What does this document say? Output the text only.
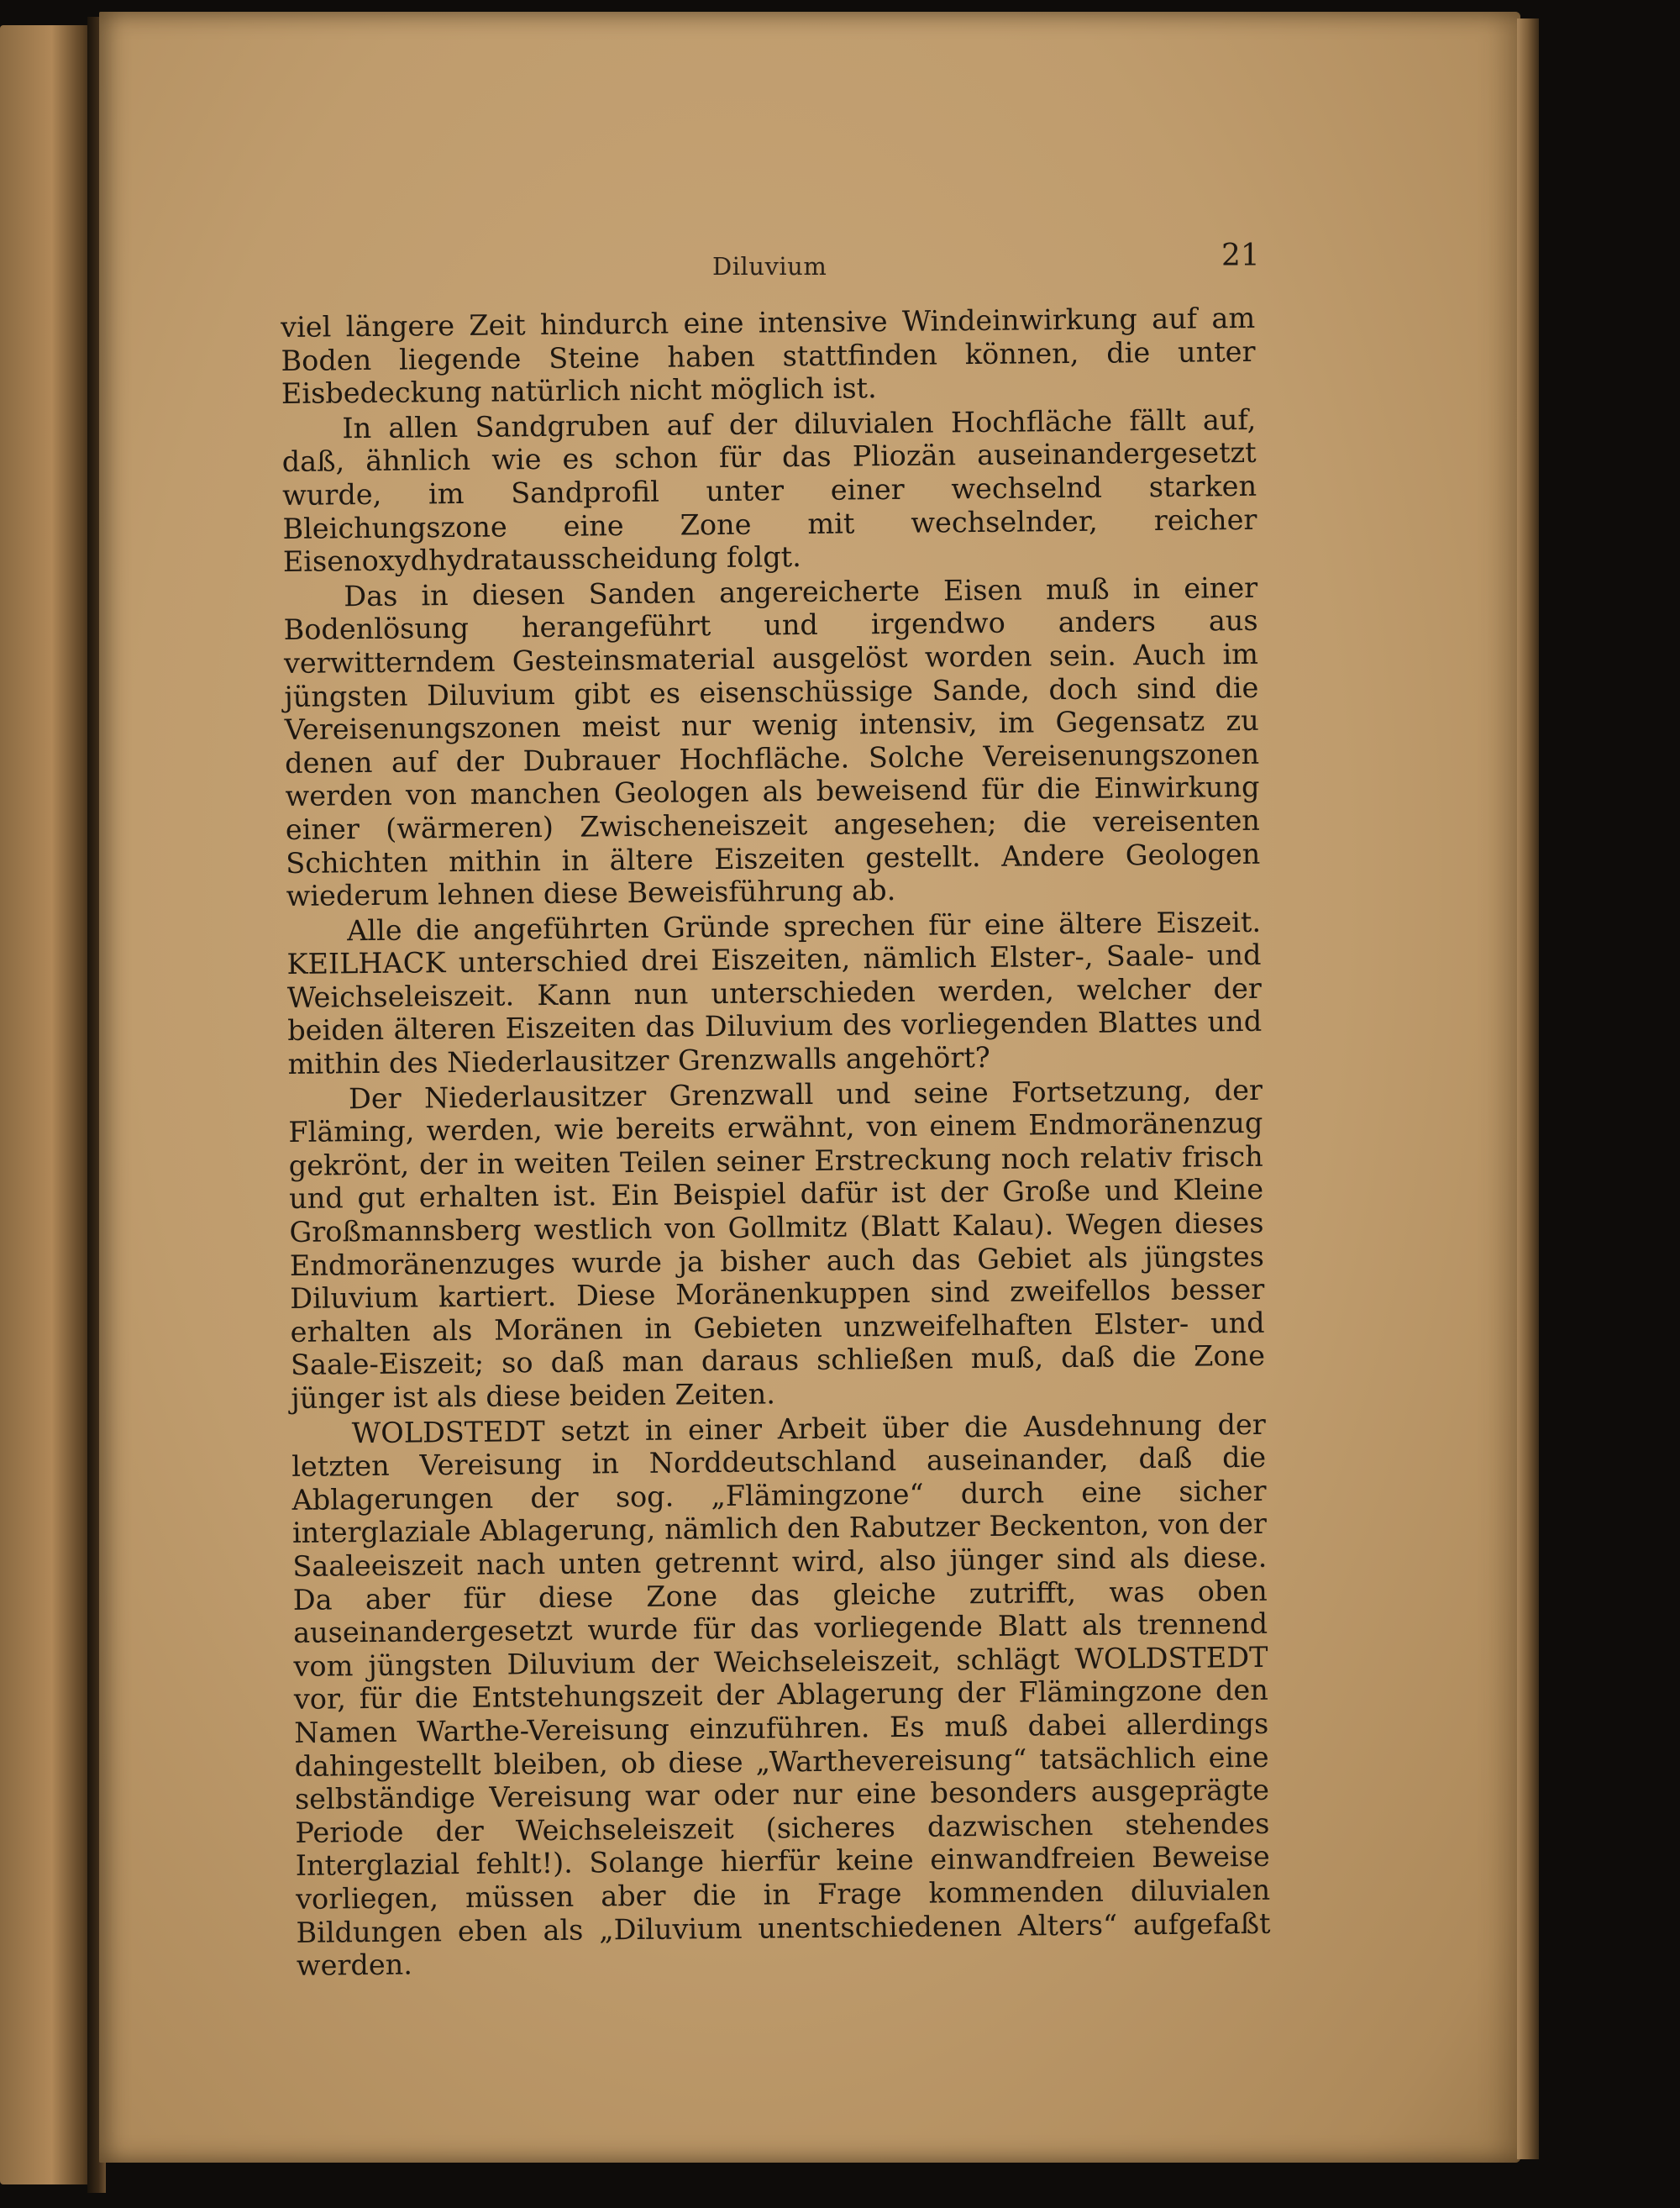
Diluvium	21

viel längere Zeit hindurch eine intensive Windeinwirkung auf am Boden liegende Steine haben stattfinden können, die unter Eisbedeckung natürlich nicht möglich ist.

In allen Sandgruben auf der diluvialen Hochfläche fällt auf, daß, ähnlich wie es schon für das Pliozän auseinandergesetzt wurde, im Sandprofil unter einer wechselnd starken Bleichungszone eine Zone mit wechselnder, reicher Eisenoxydhydratausscheidung folgt.

Das in diesen Sanden angereicherte Eisen muß in einer Bodenlösung herangeführt und irgendwo anders aus verwitterndem Gesteinsmaterial ausgelöst worden sein. Auch im jüngsten Diluvium gibt es eisenschüssige Sande, doch sind die Vereisenungszonen meist nur wenig intensiv, im Gegensatz zu denen auf der Dubrauer Hochfläche. Solche Vereisenungszonen werden von manchen Geologen als beweisend für die Einwirkung einer (wärmeren) Zwischeneiszeit angesehen; die vereisenten Schichten mithin in ältere Eiszeiten gestellt. Andere Geologen wiederum lehnen diese Beweisführung ab.

Alle die angeführten Gründe sprechen für eine ältere Eiszeit. KEILHACK unterschied drei Eiszeiten, nämlich Elster-, Saale- und Weichseleiszeit. Kann nun unterschieden werden, welcher der beiden älteren Eiszeiten das Diluvium des vorliegenden Blattes und mithin des Niederlausitzer Grenzwalls angehört?

Der Niederlausitzer Grenzwall und seine Fortsetzung, der Fläming, werden, wie bereits erwähnt, von einem Endmoränenzug gekrönt, der in weiten Teilen seiner Erstreckung noch relativ frisch und gut erhalten ist. Ein Beispiel dafür ist der Große und Kleine Großmannsberg westlich von Gollmitz (Blatt Kalau). Wegen dieses Endmoränenzuges wurde ja bisher auch das Gebiet als jüngstes Diluvium kartiert. Diese Moränenkuppen sind zweifellos besser erhalten als Moränen in Gebieten unzweifelhaften Elster- und Saale-Eiszeit; so daß man daraus schließen muß, daß die Zone jünger ist als diese beiden Zeiten.

WOLDSTEDT setzt in einer Arbeit über die Ausdehnung der letzten Vereisung in Norddeutschland auseinander, daß die Ablagerungen der sog. „Flämingzone“ durch eine sicher interglaziale Ablagerung, nämlich den Rabutzer Beckenton, von der Saaleeiszeit nach unten getrennt wird, also jünger sind als diese. Da aber für diese Zone das gleiche zutrifft, was oben auseinandergesetzt wurde für das vorliegende Blatt als trennend vom jüngsten Diluvium der Weichseleiszeit, schlägt WOLDSTEDT vor, für die Entstehungszeit der Ablagerung der Flämingzone den Namen Warthe-Vereisung einzuführen. Es muß dabei allerdings dahingestellt bleiben, ob diese „Warthevereisung“ tatsächlich eine selbständige Vereisung war oder nur eine besonders ausgeprägte Periode der Weichseleiszeit (sicheres dazwischen stehendes Interglazial fehlt!). Solange hierfür keine einwandfreien Beweise vorliegen, müssen aber die in Frage kommenden diluvialen Bildungen eben als „Diluvium unentschiedenen Alters“ aufgefaßt werden.
